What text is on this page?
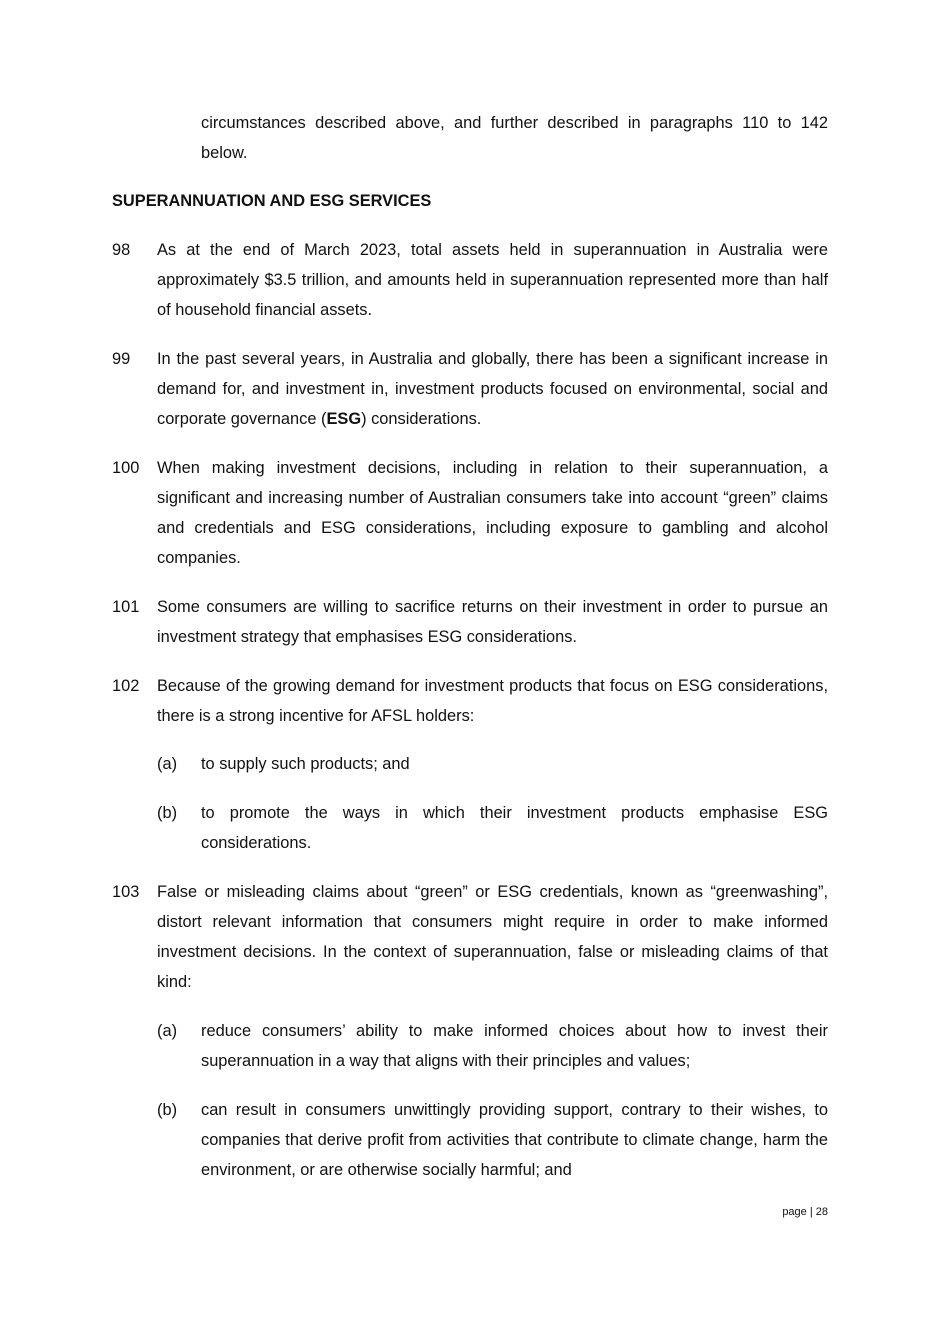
circumstances described above, and further described in paragraphs 110 to 142 below.
SUPERANNUATION AND ESG SERVICES
98 As at the end of March 2023, total assets held in superannuation in Australia were approximately $3.5 trillion, and amounts held in superannuation represented more than half of household financial assets.
99 In the past several years, in Australia and globally, there has been a significant increase in demand for, and investment in, investment products focused on environmental, social and corporate governance (ESG) considerations.
100 When making investment decisions, including in relation to their superannuation, a significant and increasing number of Australian consumers take into account “green” claims and credentials and ESG considerations, including exposure to gambling and alcohol companies.
101 Some consumers are willing to sacrifice returns on their investment in order to pursue an investment strategy that emphasises ESG considerations.
102 Because of the growing demand for investment products that focus on ESG considerations, there is a strong incentive for AFSL holders:
(a) to supply such products; and
(b) to promote the ways in which their investment products emphasise ESG considerations.
103 False or misleading claims about “green” or ESG credentials, known as “greenwashing”, distort relevant information that consumers might require in order to make informed investment decisions. In the context of superannuation, false or misleading claims of that kind:
(a) reduce consumers’ ability to make informed choices about how to invest their superannuation in a way that aligns with their principles and values;
(b) can result in consumers unwittingly providing support, contrary to their wishes, to companies that derive profit from activities that contribute to climate change, harm the environment, or are otherwise socially harmful; and
page | 28
